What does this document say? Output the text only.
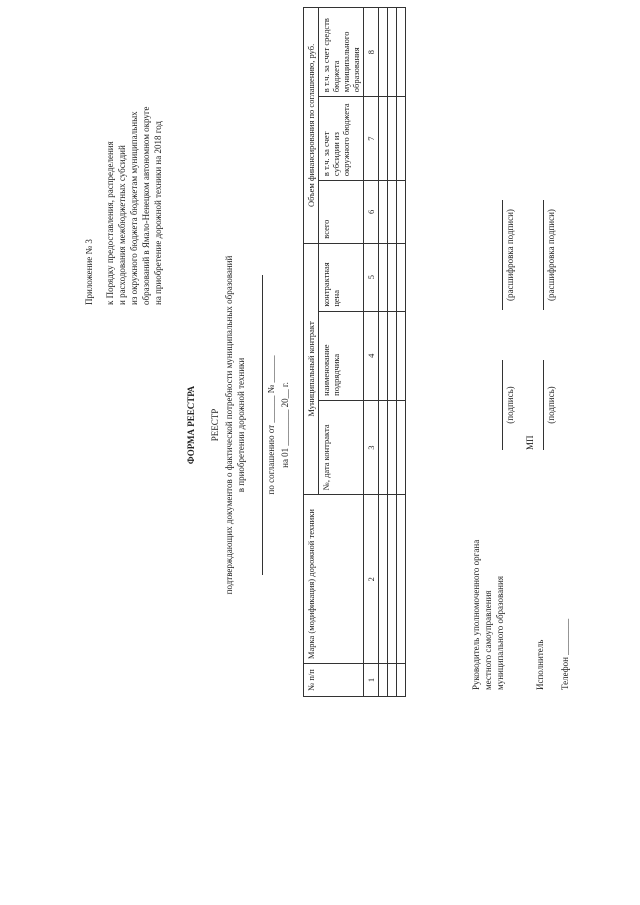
Приложение № 3 к Порядку предоставления, распределения и расходования межбюджетных субсидий из окружного бюджета бюджетам муниципальных образований в Ямало-Ненецком автономном округе на приобретение дорожной техники на 2018 год
ФОРМА РЕЕСТРА РЕЕСТР подтверждающих документов о фактической потребности муниципальных образований в приобретении дорожной техники по соглашению от ______ № ______ на 01 ________ 20__ г.
№ п/п	Марка (модификация) дорожной техники	Муниципальный контракт			Объем финансирования по соглашению, руб.		
		№, дата контракта	наименование подрядчика	контрактная цена	всего	в т.ч. за счет субсидии из окружного бюджета	в т.ч. за счет средств бюджета муниципального образования
1	2	3	4	5	6	7	8

Руководитель уполномоченного органа местного самоуправления муниципального образования
(подпись)
(расшифровка подписи)
МП
Исполнитель
(подпись)
(расшифровка подписи)
Телефон ________
